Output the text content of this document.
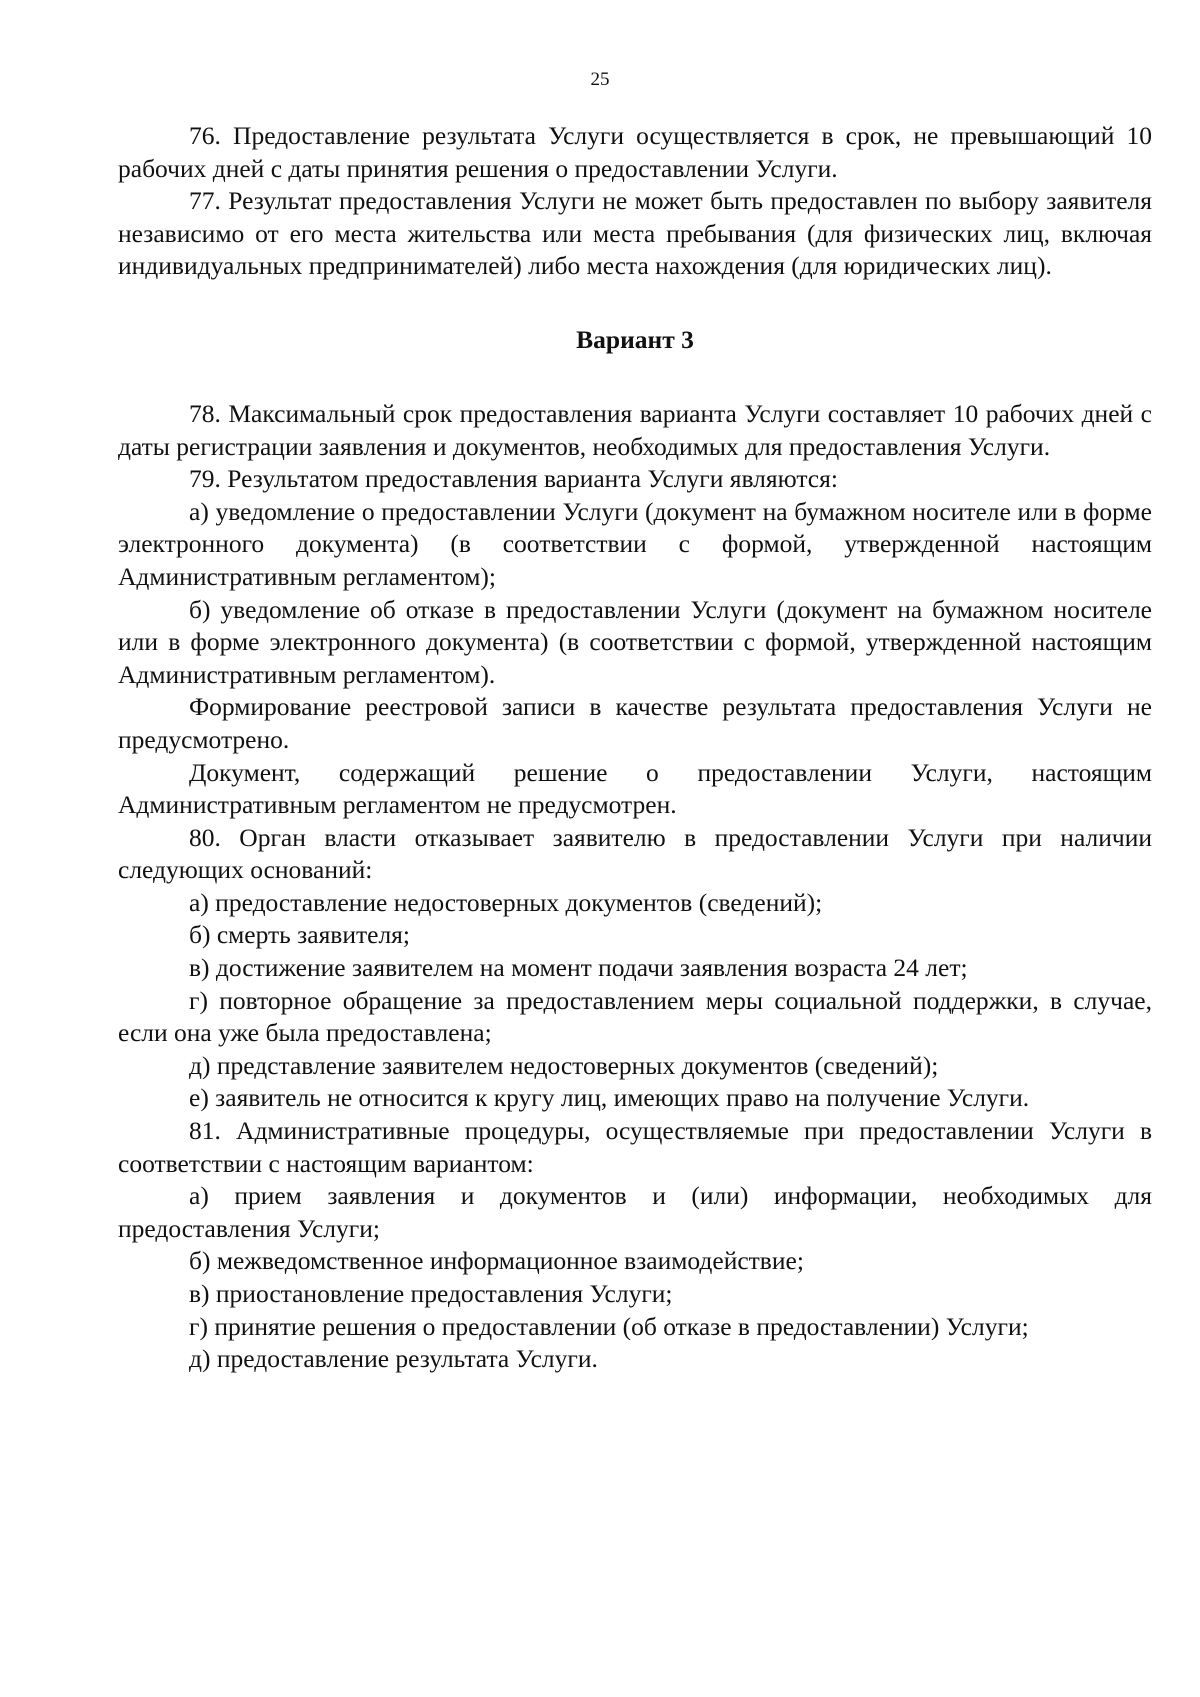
25

76. Предоставление результата Услуги осуществляется в срок, не превышающий 10 рабочих дней с даты принятия решения о предоставлении Услуги.

77. Результат предоставления Услуги не может быть предоставлен по выбору заявителя независимо от его места жительства или места пребывания (для физических лиц, включая индивидуальных предпринимателей) либо места нахождения (для юридических лиц).

Вариант 3

78. Максимальный срок предоставления варианта Услуги составляет 10 рабочих дней с даты регистрации заявления и документов, необходимых для предоставления Услуги.

79. Результатом предоставления варианта Услуги являются:

а) уведомление о предоставлении Услуги (документ на бумажном носителе или в форме электронного документа) (в соответствии с формой, утвержденной настоящим Административным регламентом);

б) уведомление об отказе в предоставлении Услуги (документ на бумажном носителе или в форме электронного документа) (в соответствии с формой, утвержденной настоящим Административным регламентом).

Формирование реестровой записи в качестве результата предоставления Услуги не предусмотрено.

Документ, содержащий решение о предоставлении Услуги, настоящим Административным регламентом не предусмотрен.

80. Орган власти отказывает заявителю в предоставлении Услуги при наличии следующих оснований:

а) предоставление недостоверных документов (сведений);

б) смерть заявителя;

в) достижение заявителем на момент подачи заявления возраста 24 лет;

г) повторное обращение за предоставлением меры социальной поддержки, в случае, если она уже была предоставлена;

д) представление заявителем недостоверных документов (сведений);

е) заявитель не относится к кругу лиц, имеющих право на получение Услуги.

81. Административные процедуры, осуществляемые при предоставлении Услуги в соответствии с настоящим вариантом:

а) прием заявления и документов и (или) информации, необходимых для предоставления Услуги;

б) межведомственное информационное взаимодействие;

в) приостановление предоставления Услуги;

г) принятие решения о предоставлении (об отказе в предоставлении) Услуги;

д) предоставление результата Услуги.
